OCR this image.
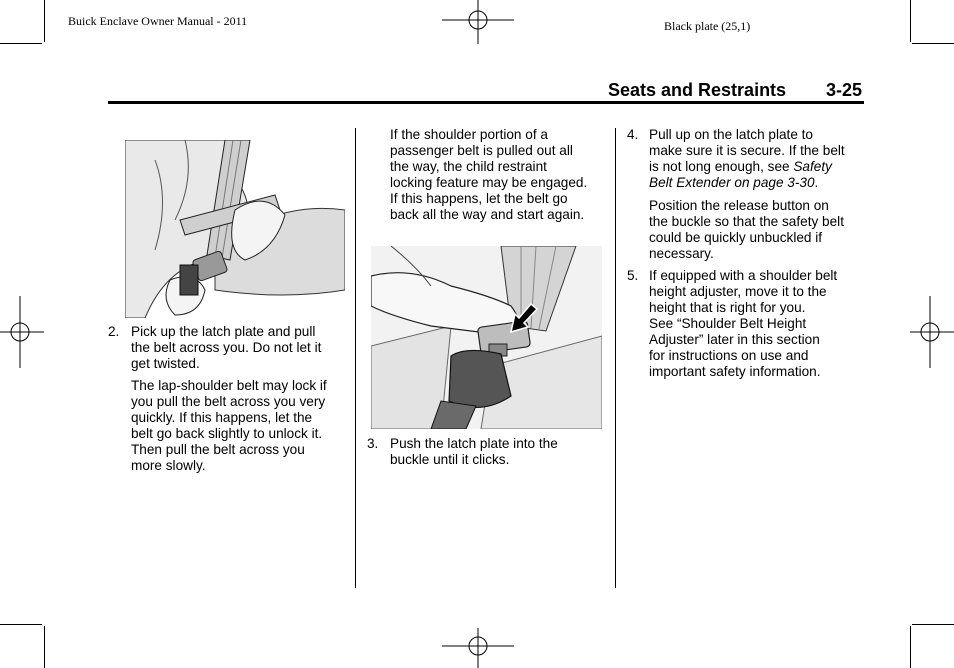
Buick Enclave Owner Manual - 2011	Black plate (25,1)
Seats and Restraints 3-25
2. Pick up the latch plate and pull
the belt across you. Do not let it
get twisted.

The lap-shoulder belt may lock if
you pull the belt across you very
quickly. If this happens, let the
belt go back slightly to unlock it.
Then pull the belt across you
more slowly.

If the shoulder portion of a
passenger belt is pulled out all
the way, the child restraint
locking feature may be engaged.
If this happens, let the belt go
back all the way and start again.

3. Push the latch plate into the
buckle until it clicks.

4. Pull up on the latch plate to
make sure it is secure. If the belt
is not long enough, see Safety
Belt Extender on page 3-30.

Position the release button on
the buckle so that the safety belt
could be quickly unbuckled if
necessary.

5. If equipped with a shoulder belt
height adjuster, move it to the
height that is right for you.
See “Shoulder Belt Height
Adjuster” later in this section
for instructions on use and
important safety information.
